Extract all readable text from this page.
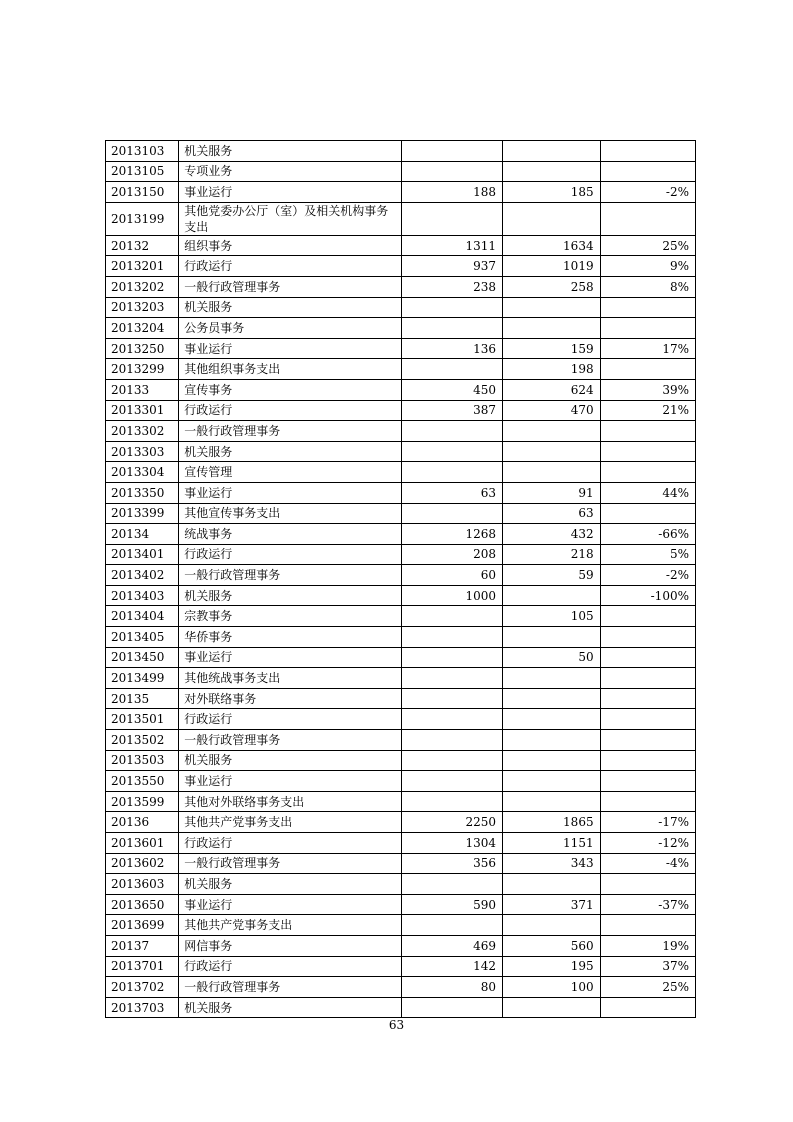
2013103	机关服务			
2013105	专项业务			
2013150	事业运行	188	185	-2%
2013199	其他党委办公厅（室）及相关机构事务支出			
20132	组织事务	1311	1634	25%
2013201	行政运行	937	1019	9%
2013202	一般行政管理事务	238	258	8%
2013203	机关服务			
2013204	公务员事务			
2013250	事业运行	136	159	17%
2013299	其他组织事务支出		198	
20133	宣传事务	450	624	39%
2013301	行政运行	387	470	21%
2013302	一般行政管理事务			
2013303	机关服务			
2013304	宣传管理			
2013350	事业运行	63	91	44%
2013399	其他宣传事务支出		63	
20134	统战事务	1268	432	-66%
2013401	行政运行	208	218	5%
2013402	一般行政管理事务	60	59	-2%
2013403	机关服务	1000		-100%
2013404	宗教事务		105	
2013405	华侨事务			
2013450	事业运行		50	
2013499	其他统战事务支出			
20135	对外联络事务			
2013501	行政运行			
2013502	一般行政管理事务			
2013503	机关服务			
2013550	事业运行			
2013599	其他对外联络事务支出			
20136	其他共产党事务支出	2250	1865	-17%
2013601	行政运行	1304	1151	-12%
2013602	一般行政管理事务	356	343	-4%
2013603	机关服务			
2013650	事业运行	590	371	-37%
2013699	其他共产党事务支出			
20137	网信事务	469	560	19%
2013701	行政运行	142	195	37%
2013702	一般行政管理事务	80	100	25%
2013703	机关服务			
63
